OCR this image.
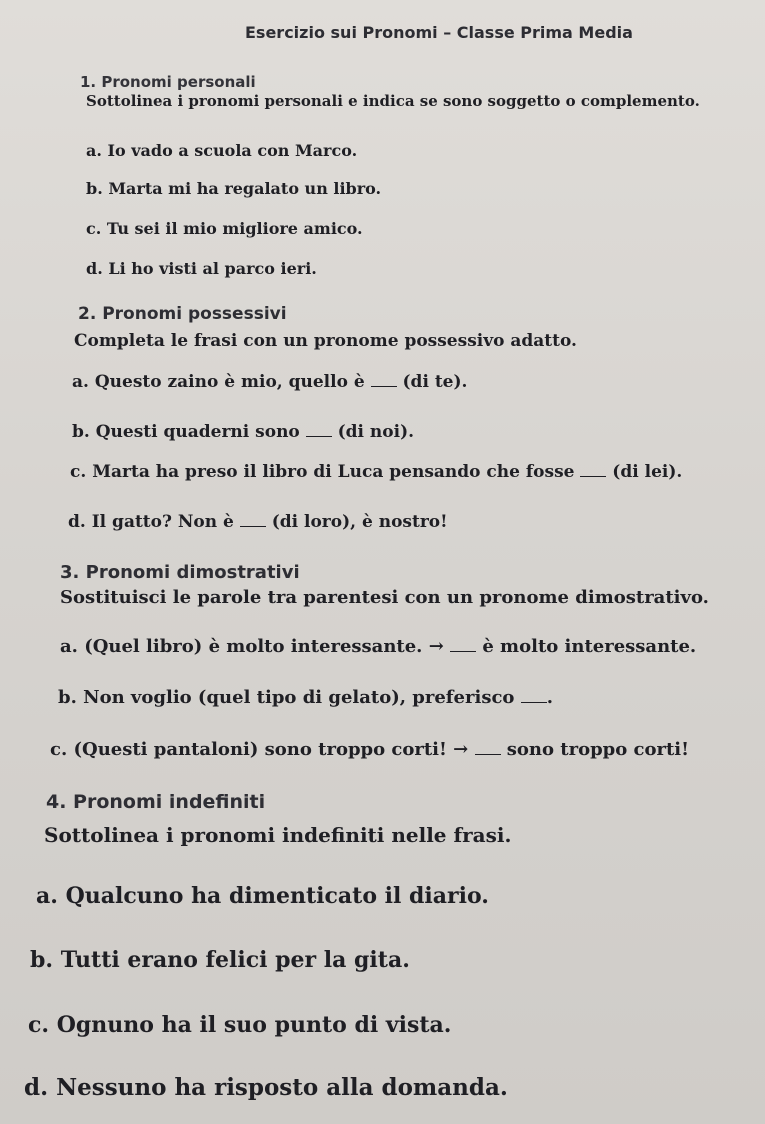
Esercizio sui Pronomi – Classe Prima Media
1. Pronomi personali
Sottolinea i pronomi personali e indica se sono soggetto o complemento.
a. Io vado a scuola con Marco.
b. Marta mi ha regalato un libro.
c. Tu sei il mio migliore amico.
d. Li ho visti al parco ieri.
2. Pronomi possessivi
Completa le frasi con un pronome possessivo adatto.
a. Questo zaino è mio, quello è  (di te).
b. Questi quaderni sono  (di noi).
c. Marta ha preso il libro di Luca pensando che fosse  (di lei).
d. Il gatto? Non è  (di loro), è nostro!
3. Pronomi dimostrativi
Sostituisci le parole tra parentesi con un pronome dimostrativo.
a. (Quel libro) è molto interessante. →  è molto interessante.
b. Non voglio (quel tipo di gelato), preferisco .
c. (Questi pantaloni) sono troppo corti! →  sono troppo corti!
4. Pronomi indefiniti
Sottolinea i pronomi indefiniti nelle frasi.
a. Qualcuno ha dimenticato il diario.
b. Tutti erano felici per la gita.
c. Ognuno ha il suo punto di vista.
d. Nessuno ha risposto alla domanda.
